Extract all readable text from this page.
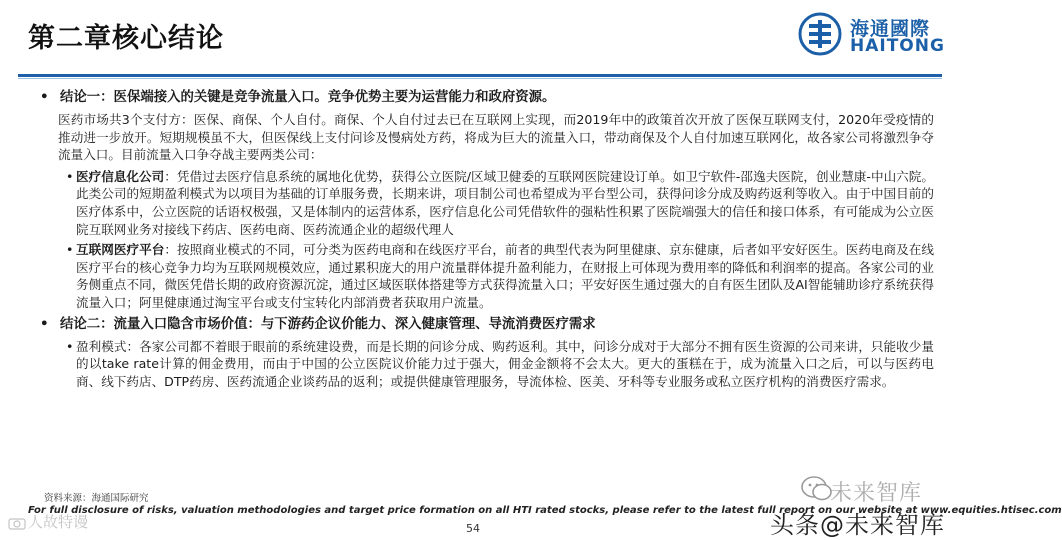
第二章核心结论	海通國際
HAITONG
• 结论一：医保端接入的关键是竞争流量入口。竞争优势主要为运营能力和政府资源。
医药市场共3个支付方：医保、商保、个人自付。商保、个人自付过去已在互联网上实现，而2019年中的政策首次开放了医保互联网支付，2020年受疫情的推动进一步放开。短期规模虽不大，但医保线上支付问诊及慢病处方药，将成为巨大的流量入口，带动商保及个人自付加速互联网化，故各家公司将激烈争夺流量入口。目前流量入口争夺战主要两类公司：
• 医疗信息化公司：凭借过去医疗信息系统的属地化优势，获得公立医院/区域卫健委的互联网医院建设订单。如卫宁软件-邵逸夫医院，创业慧康-中山六院。此类公司的短期盈利模式为以项目为基础的订单服务费，长期来讲，项目制公司也希望成为平台型公司，获得问诊分成及购药返利等收入。由于中国目前的医疗体系中，公立医院的话语权极强，又是体制内的运营体系，医疗信息化公司凭借软件的强粘性积累了医院端强大的信任和接口体系，有可能成为公立医院互联网业务对接线下药店、医药电商、医药流通企业的超级代理人
• 互联网医疗平台：按照商业模式的不同，可分类为医药电商和在线医疗平台，前者的典型代表为阿里健康、京东健康，后者如平安好医生。医药电商及在线医疗平台的核心竞争力均为互联网规模效应，通过累积庞大的用户流量群体提升盈利能力，在财报上可体现为费用率的降低和利润率的提高。各家公司的业务侧重点不同，微医凭借长期的政府资源沉淀，通过区域医联体搭建等方式获得流量入口；平安好医生通过强大的自有医生团队及AI智能辅助诊疗系统获得流量入口；阿里健康通过淘宝平台或支付宝转化内部消费者获取用户流量。
• 结论二：流量入口隐含市场价值：与下游药企议价能力、深入健康管理、导流消费医疗需求
• 盈利模式：各家公司都不着眼于眼前的系统建设费，而是长期的问诊分成、购药返利。其中，问诊分成对于大部分不拥有医生资源的公司来讲，只能收少量的以take rate计算的佣金费用，而由于中国的公立医院议价能力过于强大，佣金金额将不会太大。更大的蛋糕在于，成为流量入口之后，可以与医药电商、线下药店、DTP药房、医药流通企业谈药品的返利；或提供健康管理服务，导流体检、医美、牙科等专业服务或私立医疗机构的消费医疗需求。
资料来源：海通国际研究
For full disclosure of risks, valuation methodologies and target price formation on all HTI rated stocks, please refer to the latest full report on our website at www.equities.htisec.com
54
人故特谩
未来智库
头条@未来智库
